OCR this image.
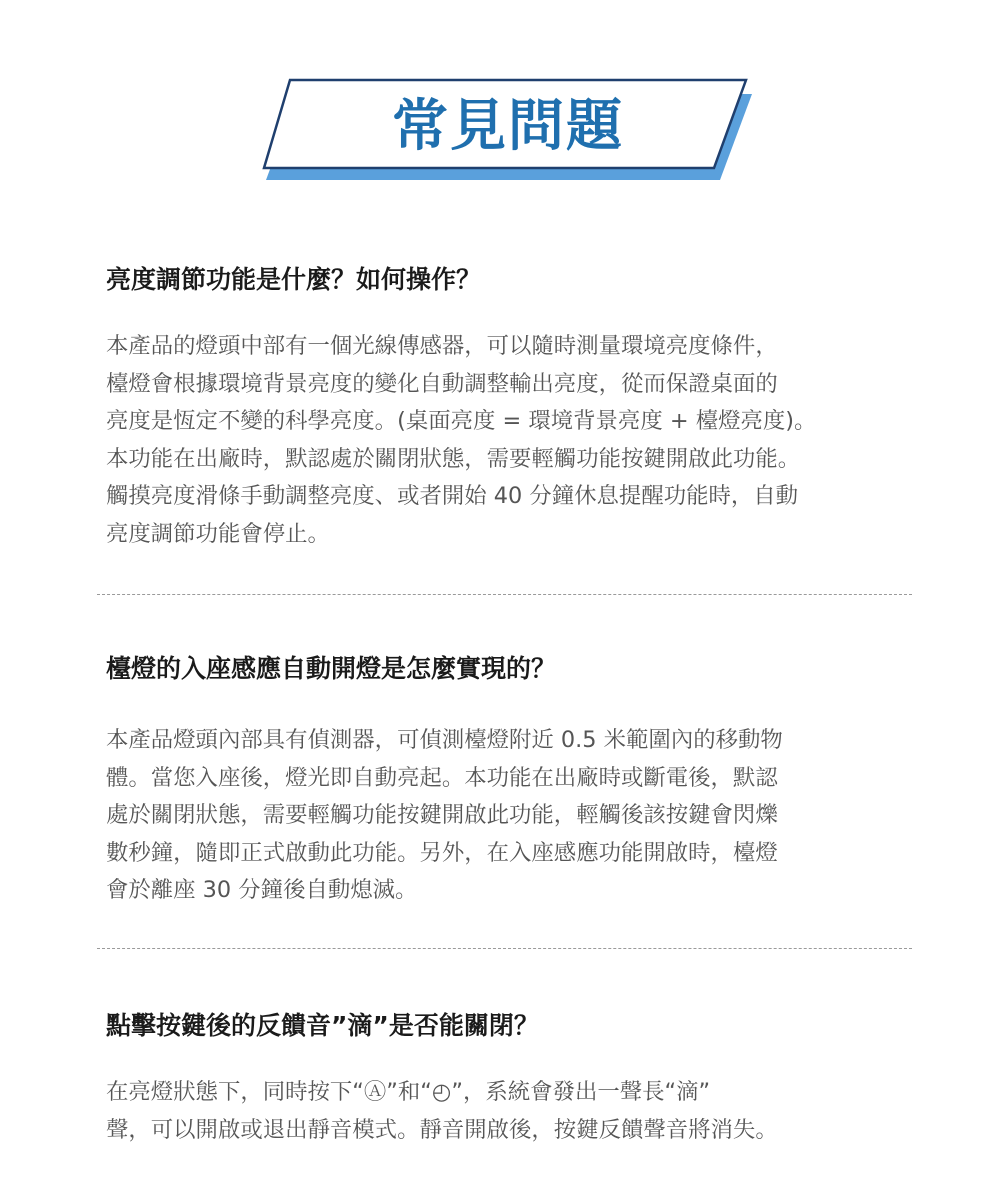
常見問題
亮度調節功能是什麼？如何操作？
本產品的燈頭中部有一個光線傳感器，可以隨時測量環境亮度條件，
檯燈會根據環境背景亮度的變化自動調整輸出亮度，從而保證桌面的
亮度是恆定不變的科學亮度。(桌面亮度 = 環境背景亮度 + 檯燈亮度)。
本功能在出廠時，默認處於關閉狀態，需要輕觸功能按鍵開啟此功能。
觸摸亮度滑條手動調整亮度、或者開始 40 分鐘休息提醒功能時，自動
亮度調節功能會停止。
檯燈的入座感應自動開燈是怎麼實現的？
本產品燈頭內部具有偵測器，可偵測檯燈附近 0.5 米範圍內的移動物
體。當您入座後，燈光即自動亮起。本功能在出廠時或斷電後，默認
處於關閉狀態，需要輕觸功能按鍵開啟此功能，輕觸後該按鍵會閃爍
數秒鐘，隨即正式啟動此功能。另外，在入座感應功能開啟時，檯燈
會於離座 30 分鐘後自動熄滅。
點擊按鍵後的反饋音”滴”是否能關閉？
在亮燈狀態下，同時按下“Ⓐ”和“◴”，系統會發出一聲長“滴”
聲，可以開啟或退出靜音模式。靜音開啟後，按鍵反饋聲音將消失。
